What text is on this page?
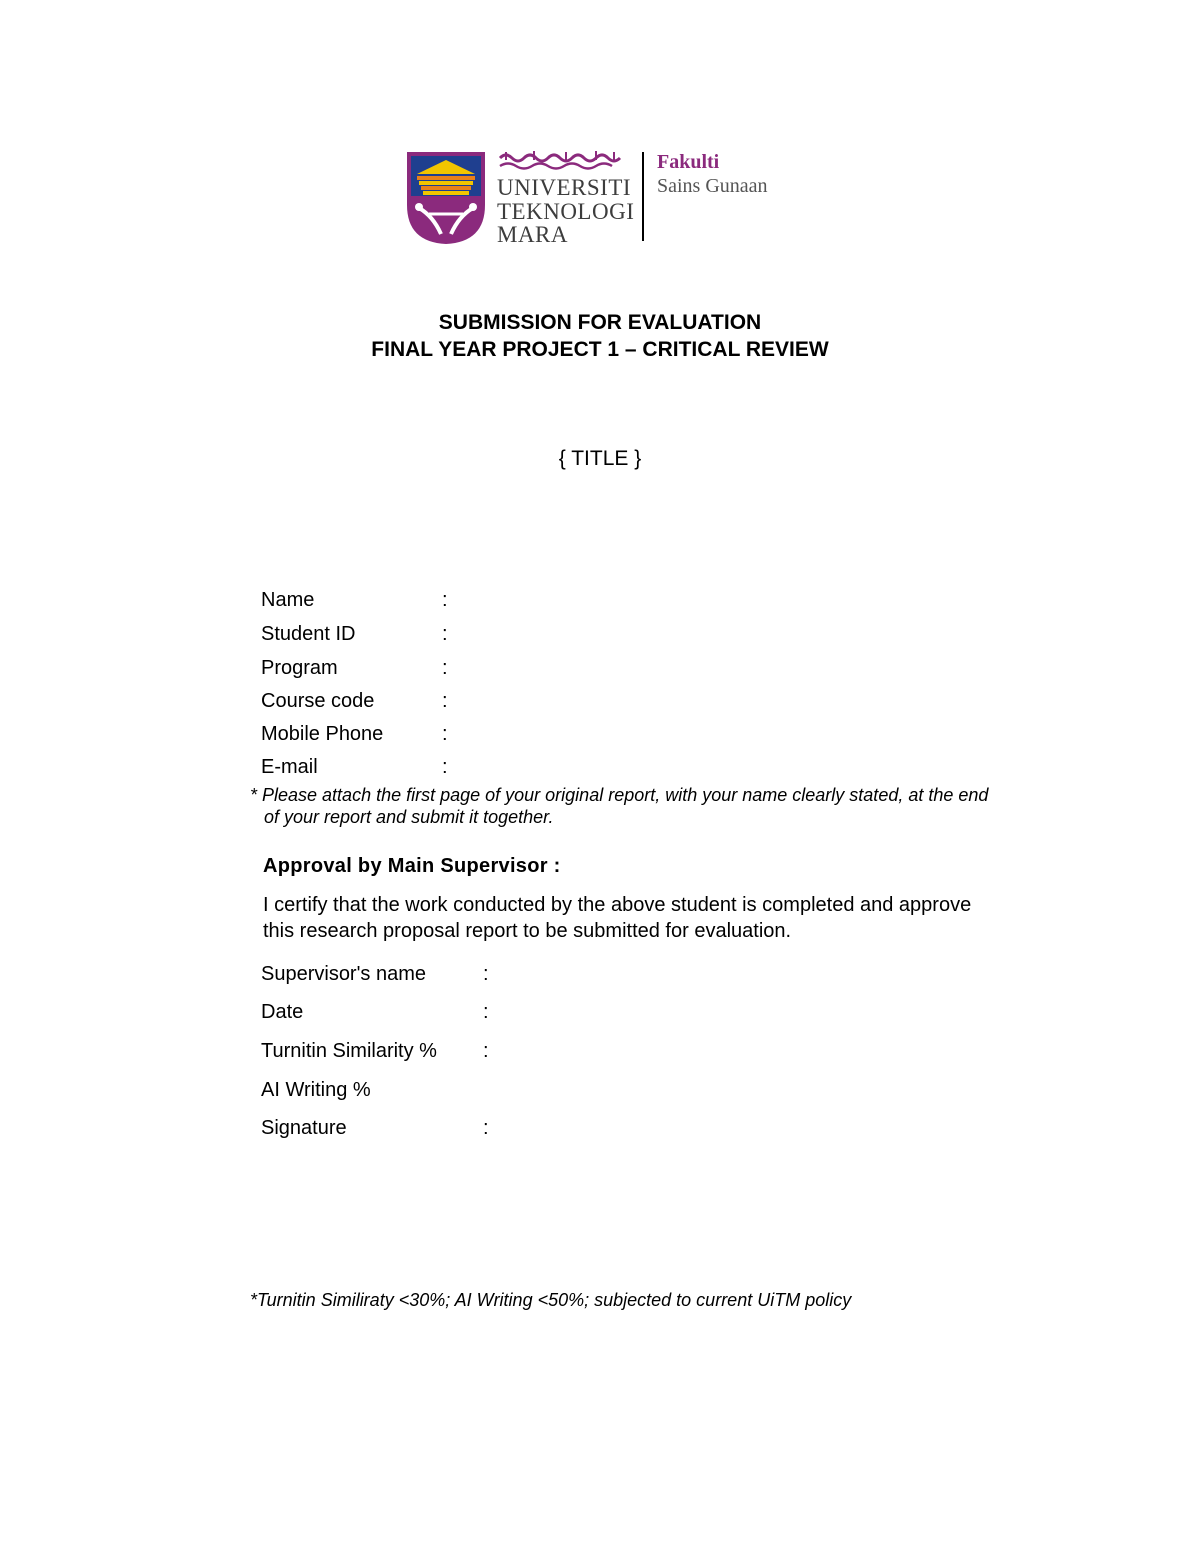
UNIVERSITI
TEKNOLOGI
MARA
Fakulti
Sains Gunaan
SUBMISSION FOR EVALUATION
FINAL YEAR PROJECT 1 – CRITICAL REVIEW
{ TITLE }
Name	:
Student ID	:
Program	:
Course code	:
Mobile Phone	:
E-mail	:
* Please attach the first page of your original report, with your name clearly stated, at the end
of your report and submit it together.
Approval by Main Supervisor :
I certify that the work conducted by the above student is completed and approve
this research proposal report to be submitted for evaluation.
Supervisor's name	:
Date	:
Turnitin Similarity % :
AI Writing %
Signature	:
*Turnitin Similiraty <30%; AI Writing <50%; subjected to current UiTM policy
